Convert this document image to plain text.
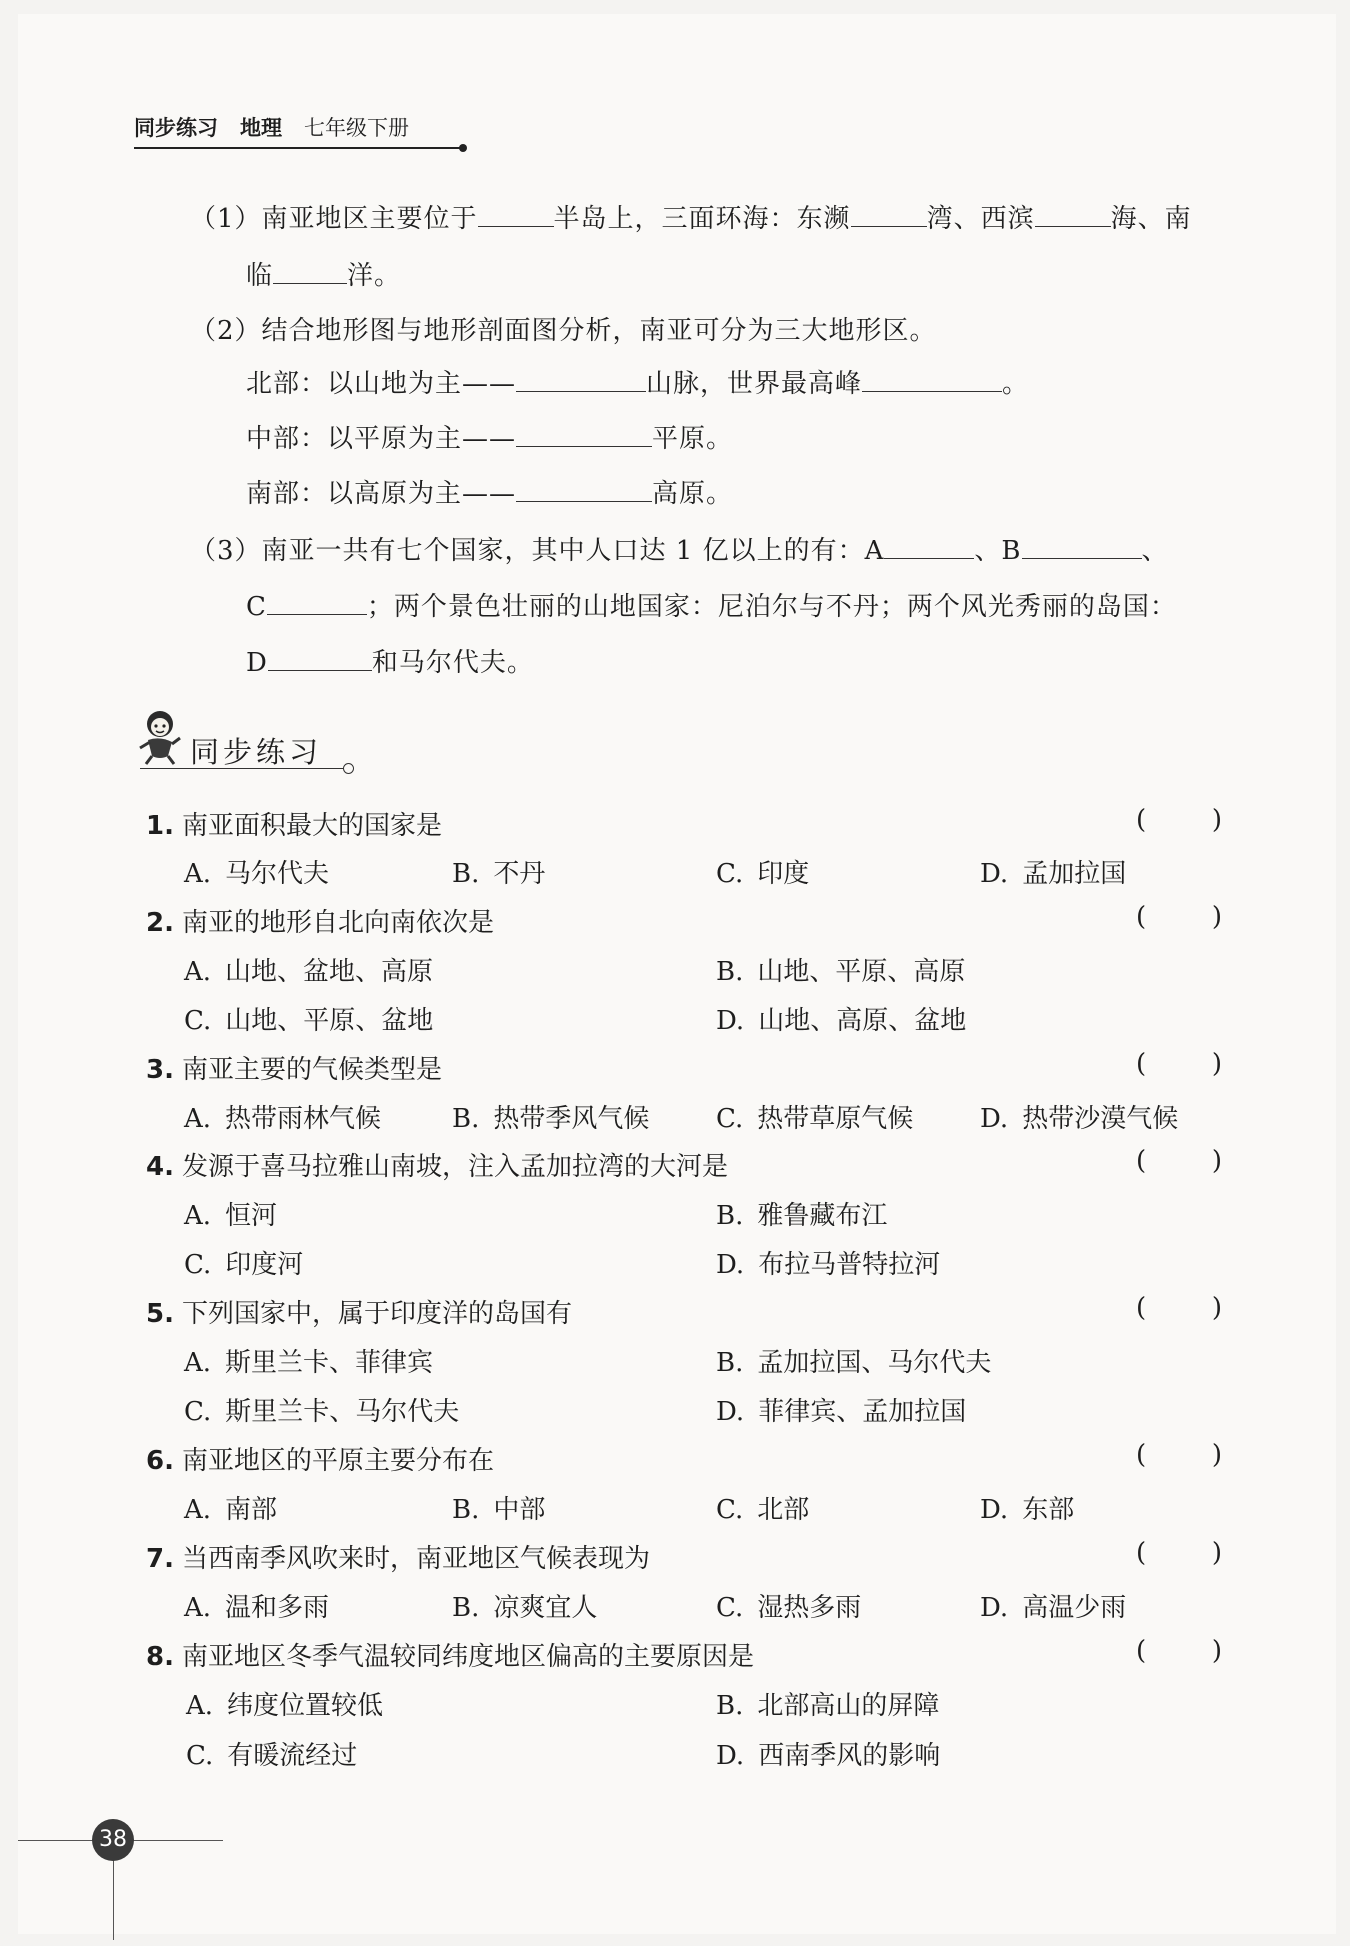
同步练习 地理 七年级下册
（1）南亚地区主要位于	半岛上，三面环海：东濒	湾、西滨	海、南
临	洋。
（2）结合地形图与地形剖面图分析，南亚可分为三大地形区。
北部：以山地为主——	山脉，世界最高峰	。
中部：以平原为主——	平原。
南部：以高原为主——	高原。
（3）南亚一共有七个国家，其中人口达 1 亿以上的有：A	、B	、
C	；两个景色壮丽的山地国家：尼泊尔与不丹；两个风光秀丽的岛国：
D	和马尔代夫。
同步练习
1. 南亚面积最大的国家是	(	)
A. 马尔代夫	B. 不丹	C. 印度	D. 孟加拉国
2. 南亚的地形自北向南依次是	(	)
A. 山地、盆地、高原	B. 山地、平原、高原
C. 山地、平原、盆地	D. 山地、高原、盆地
3. 南亚主要的气候类型是	(	)
A. 热带雨林气候	B. 热带季风气候	C. 热带草原气候	D. 热带沙漠气候
4. 发源于喜马拉雅山南坡，注入孟加拉湾的大河是	(	)
A. 恒河	B. 雅鲁藏布江
C. 印度河	D. 布拉马普特拉河
5. 下列国家中，属于印度洋的岛国有	(	)
A. 斯里兰卡、菲律宾	B. 孟加拉国、马尔代夫
C. 斯里兰卡、马尔代夫	D. 菲律宾、孟加拉国
6. 南亚地区的平原主要分布在	(	)
A. 南部	B. 中部	C. 北部	D. 东部
7. 当西南季风吹来时，南亚地区气候表现为	(	)
A. 温和多雨	B. 凉爽宜人	C. 湿热多雨	D. 高温少雨
8. 南亚地区冬季气温较同纬度地区偏高的主要原因是	(	)
A. 纬度位置较低	B. 北部高山的屏障
C. 有暖流经过	D. 西南季风的影响
38
